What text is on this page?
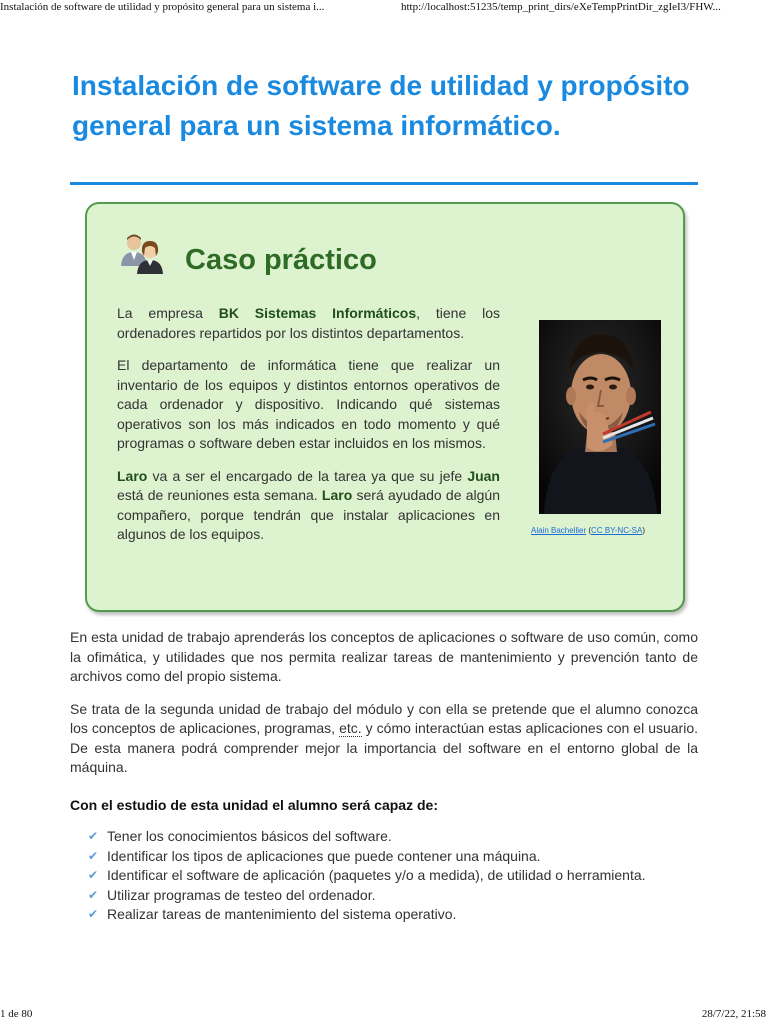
Instalación de software de utilidad y propósito general para un sistema i...	http://localhost:51235/temp_print_dirs/eXeTempPrintDir_zgIeI3/FHW...
Instalación de software de utilidad y propósito general para un sistema informático.
Caso práctico

La empresa BK Sistemas Informáticos, tiene los ordenadores repartidos por los distintos departamentos.

El departamento de informática tiene que realizar un inventario de los equipos y distintos entornos operativos de cada ordenador y dispositivo. Indicando qué sistemas operativos son los más indicados en todo momento y qué programas o software deben estar incluidos en los mismos.

Laro va a ser el encargado de la tarea ya que su jefe Juan está de reuniones esta semana. Laro será ayudado de algún compañero, porque tendrán que instalar aplicaciones en algunos de los equipos.	Alain Bachellier (CC BY-NC-SA)

En esta unidad de trabajo aprenderás los conceptos de aplicaciones o software de uso común, como la ofimática, y utilidades que nos permita realizar tareas de mantenimiento y prevención tanto de archivos como del propio sistema.

Se trata de la segunda unidad de trabajo del módulo y con ella se pretende que el alumno conozca los conceptos de aplicaciones, programas, etc. y cómo interactúan estas aplicaciones con el usuario. De esta manera podrá comprender mejor la importancia del software en el entorno global de la máquina.

Con el estudio de esta unidad el alumno será capaz de:

✔ Tener los conocimientos básicos del software.
✔ Identificar los tipos de aplicaciones que puede contener una máquina.
✔ Identificar el software de aplicación (paquetes y/o a medida), de utilidad o herramienta.
✔ Utilizar programas de testeo del ordenador.
✔ Realizar tareas de mantenimiento del sistema operativo.
1 de 80	28/7/22, 21:58
